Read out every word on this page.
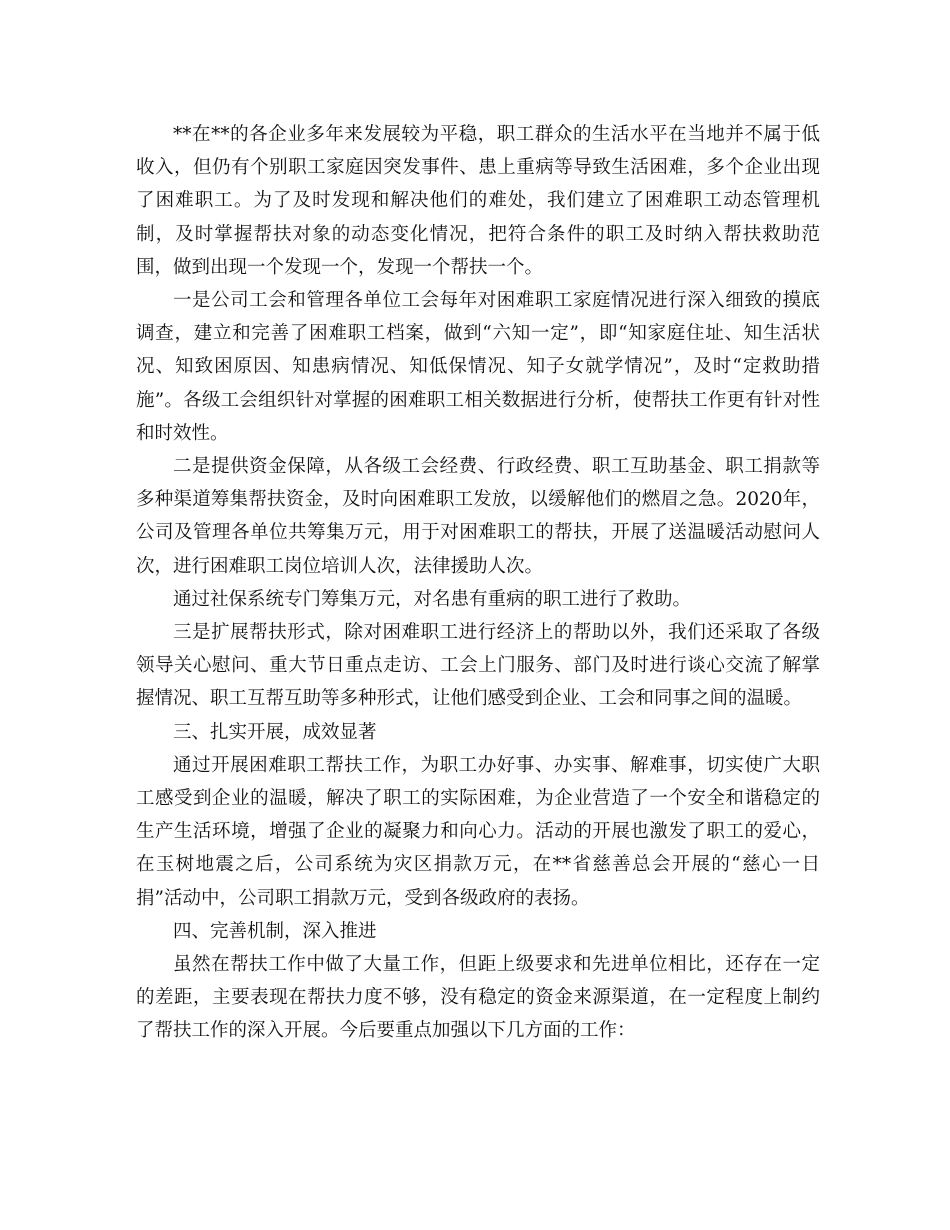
**在**的各企业多年来发展较为平稳，职工群众的生活水平在当地并不属于低收入，但仍有个别职工家庭因突发事件、患上重病等导致生活困难，多个企业出现了困难职工。为了及时发现和解决他们的难处，我们建立了困难职工动态管理机制，及时掌握帮扶对象的动态变化情况，把符合条件的职工及时纳入帮扶救助范围，做到出现一个发现一个，发现一个帮扶一个。

一是公司工会和管理各单位工会每年对困难职工家庭情况进行深入细致的摸底调查，建立和完善了困难职工档案，做到“六知一定”，即“知家庭住址、知生活状况、知致困原因、知患病情况、知低保情况、知子女就学情况”，及时“定救助措施”。各级工会组织针对掌握的困难职工相关数据进行分析，使帮扶工作更有针对性和时效性。

二是提供资金保障，从各级工会经费、行政经费、职工互助基金、职工捐款等多种渠道筹集帮扶资金，及时向困难职工发放，以缓解他们的燃眉之急。2020年，公司及管理各单位共筹集万元，用于对困难职工的帮扶，开展了送温暖活动慰问人次，进行困难职工岗位培训人次，法律援助人次。

通过社保系统专门筹集万元，对名患有重病的职工进行了救助。

三是扩展帮扶形式，除对困难职工进行经济上的帮助以外，我们还采取了各级领导关心慰问、重大节日重点走访、工会上门服务、部门及时进行谈心交流了解掌握情况、职工互帮互助等多种形式，让他们感受到企业、工会和同事之间的温暖。

三、扎实开展，成效显著

通过开展困难职工帮扶工作，为职工办好事、办实事、解难事，切实使广大职工感受到企业的温暖，解决了职工的实际困难，为企业营造了一个安全和谐稳定的生产生活环境，增强了企业的凝聚力和向心力。活动的开展也激发了职工的爱心，在玉树地震之后，公司系统为灾区捐款万元，在**省慈善总会开展的“慈心一日捐”活动中，公司职工捐款万元，受到各级政府的表扬。

四、完善机制，深入推进

虽然在帮扶工作中做了大量工作，但距上级要求和先进单位相比，还存在一定的差距，主要表现在帮扶力度不够，没有稳定的资金来源渠道，在一定程度上制约了帮扶工作的深入开展。今后要重点加强以下几方面的工作：
